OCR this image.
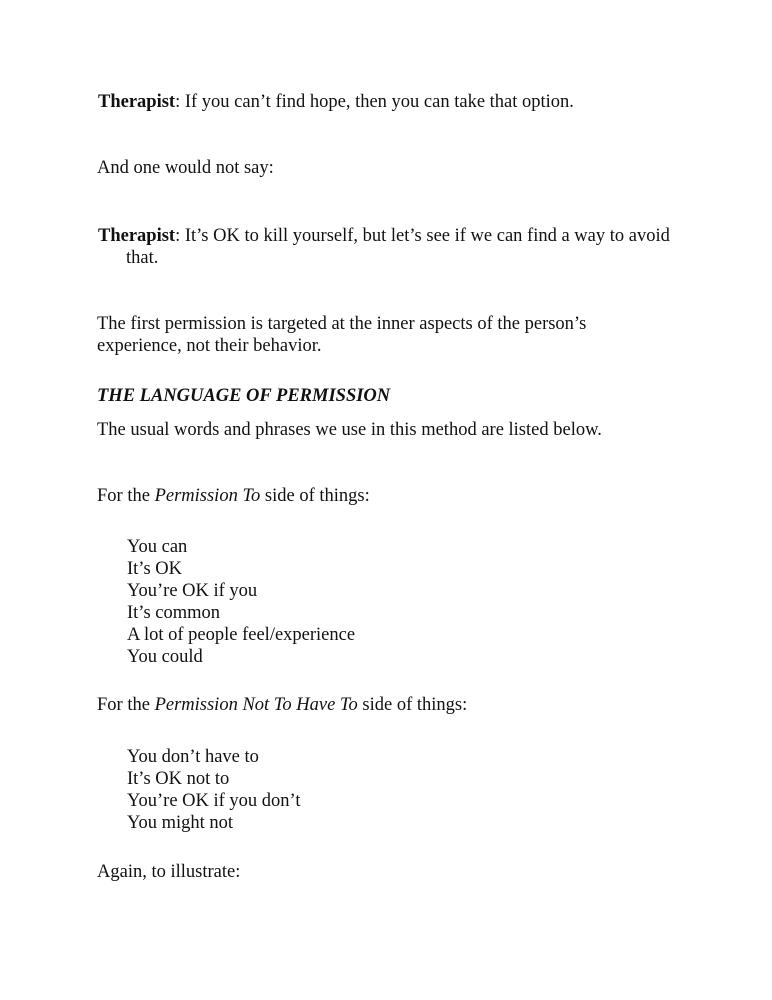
Therapist: If you can’t find hope, then you can take that option.

And one would not say:

Therapist: It’s OK to kill yourself, but let’s see if we can find a way to avoid that.

The first permission is targeted at the inner aspects of the person’s experience, not their behavior.

THE LANGUAGE OF PERMISSION

The usual words and phrases we use in this method are listed below.

For the Permission To side of things:

You can
It’s OK
You’re OK if you
It’s common
A lot of people feel/experience
You could

For the Permission Not To Have To side of things:

You don’t have to
It’s OK not to
You’re OK if you don’t
You might not

Again, to illustrate:
